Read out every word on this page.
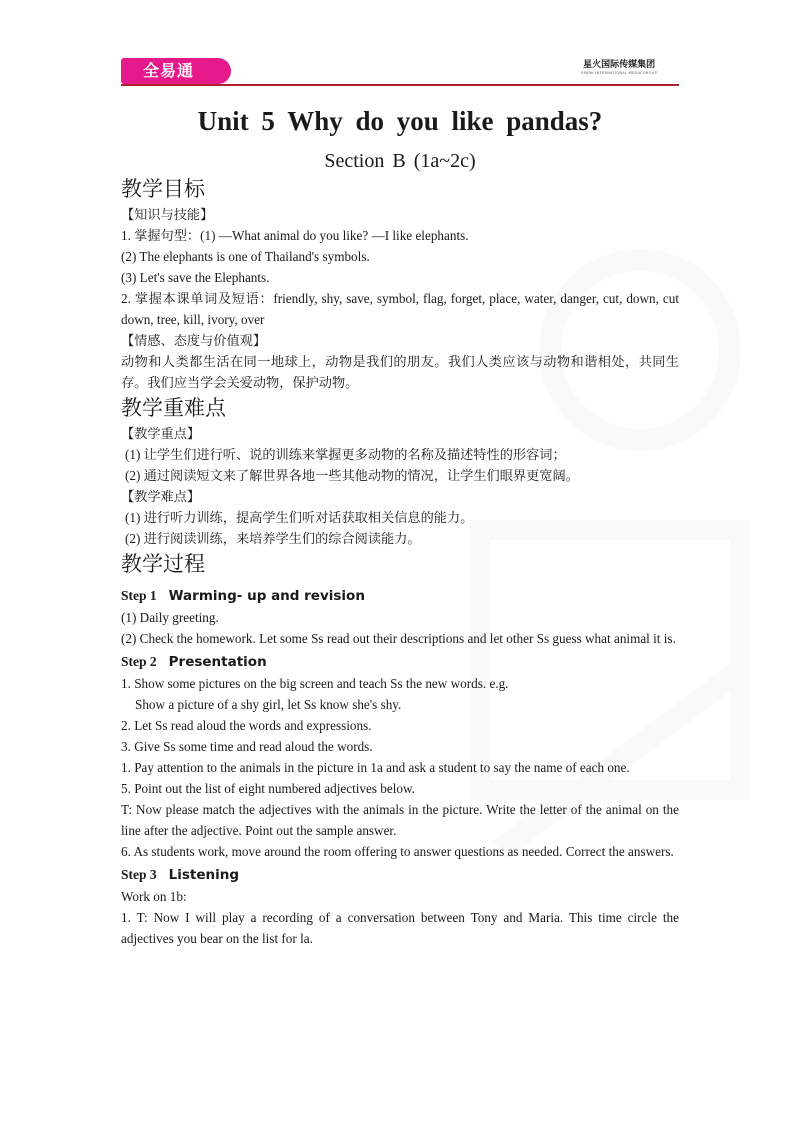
全易通	星火国际传媒集团
SPARK INTERNATIONAL MEDIA GROUP
Unit 5 Why do you like pandas?
Section B (1a~2c)
教学目标

【知识与技能】

1. 掌握句型：(1) —What animal do you like? —I like elephants.

(2) The elephants is one of Thailand's symbols.

(3) Let's save the Elephants.

2. 掌握本课单词及短语：friendly, shy, save, symbol, flag, forget, place, water, danger, cut, down, cut down, tree, kill, ivory, over

【情感、态度与价值观】

动物和人类都生活在同一地球上，动物是我们的朋友。我们人类应该与动物和谐相处，共同生存。我们应当学会关爱动物，保护动物。

教学重难点

【教学重点】

(1) 让学生们进行听、说的训练来掌握更多动物的名称及描述特性的形容词；

(2) 通过阅读短文来了解世界各地一些其他动物的情况，让学生们眼界更宽阔。

【教学难点】

(1) 进行听力训练，提高学生们听对话获取相关信息的能力。

(2) 进行阅读训练，来培养学生们的综合阅读能力。

教学过程

Step 1 Warming- up and revision

(1) Daily greeting.

(2) Check the homework. Let some Ss read out their descriptions and let other Ss guess what animal it is.

Step 2 Presentation

1. Show some pictures on the big screen and teach Ss the new words. e.g.

Show a picture of a shy girl, let Ss know she's shy.

2. Let Ss read aloud the words and expressions.

3. Give Ss some time and read aloud the words.

1. Pay attention to the animals in the picture in 1a and ask a student to say the name of each one.

5. Point out the list of eight numbered adjectives below.

T: Now please match the adjectives with the animals in the picture. Write the letter of the animal on the line after the adjective. Point out the sample answer.

6. As students work, move around the room offering to answer questions as needed. Correct the answers.

Step 3 Listening

Work on 1b:

1. T: Now I will play a recording of a conversation between Tony and Maria. This time circle the adjectives you bear on the list for la.
